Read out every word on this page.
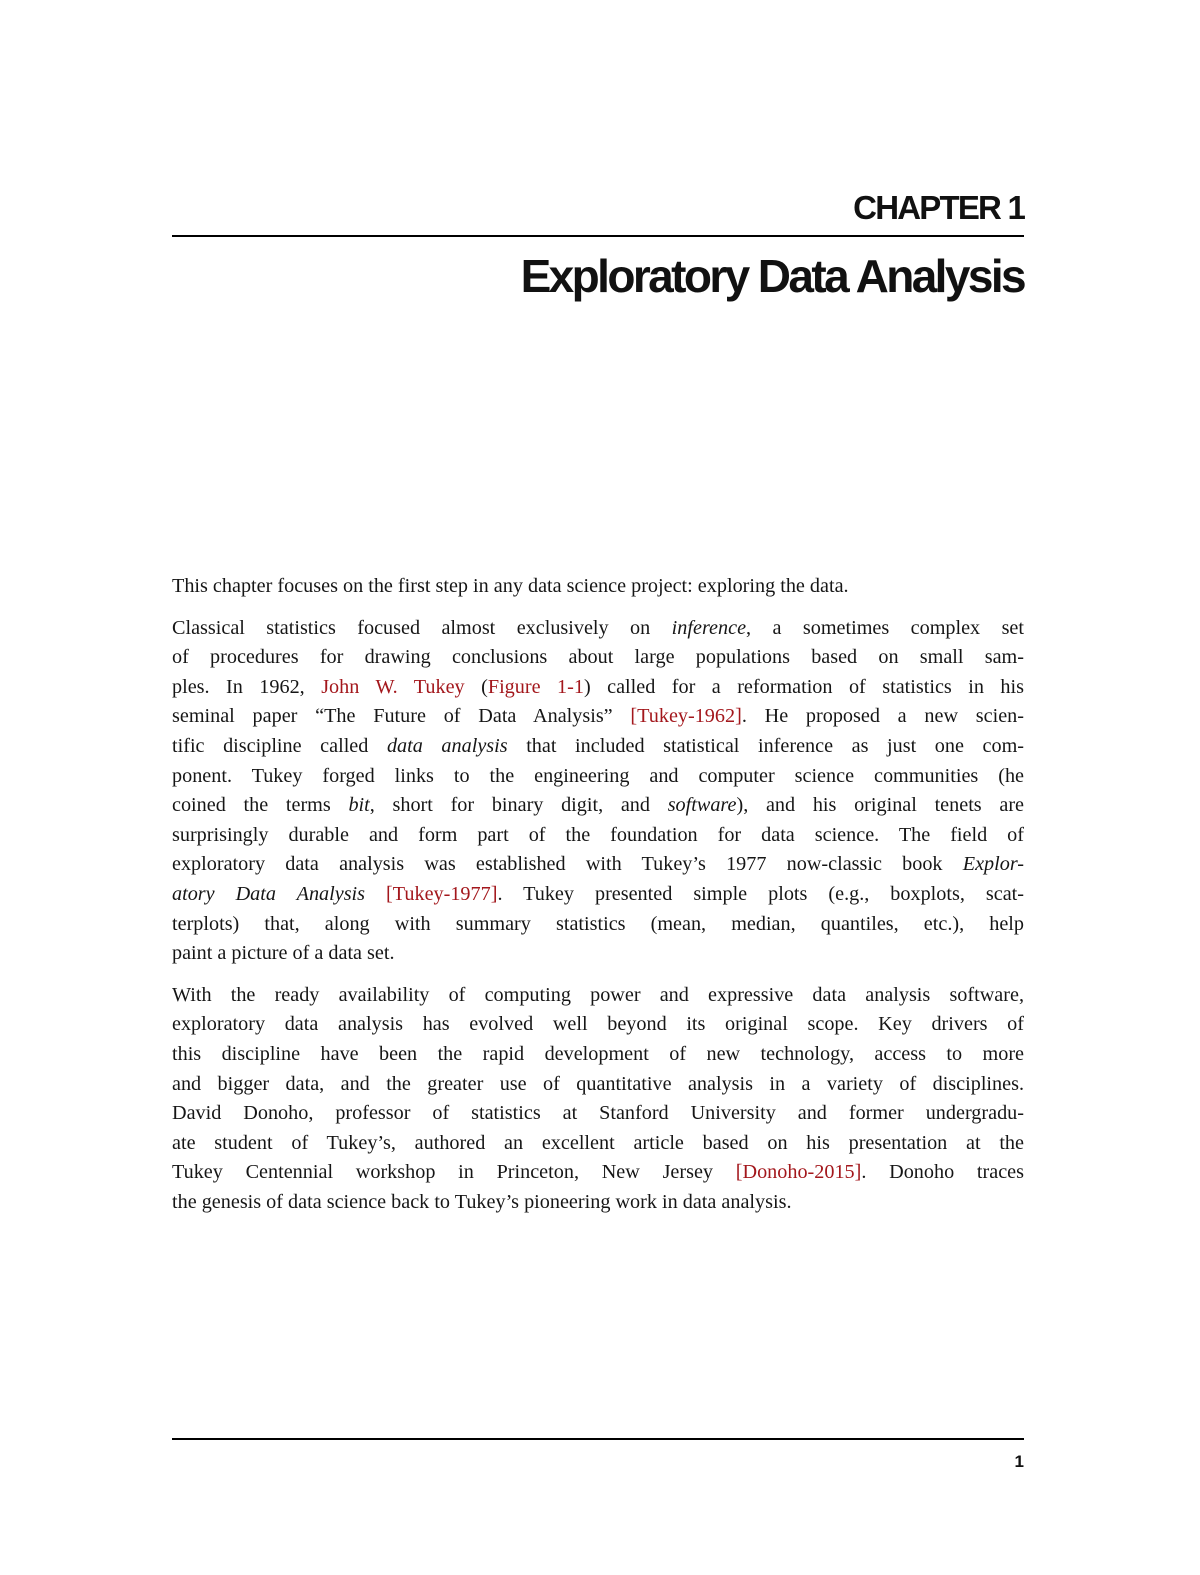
CHAPTER 1
Exploratory Data Analysis

This chapter focuses on the first step in any data science project: exploring the data.

Classical statistics focused almost exclusively on inference, a sometimes complex set
of procedures for drawing conclusions about large populations based on small sam-
ples. In 1962, John W. Tukey (Figure 1-1) called for a reformation of statistics in his
seminal paper “The Future of Data Analysis” [Tukey-1962]. He proposed a new scien-
tific discipline called data analysis that included statistical inference as just one com-
ponent. Tukey forged links to the engineering and computer science communities (he
coined the terms bit, short for binary digit, and software), and his original tenets are
surprisingly durable and form part of the foundation for data science. The field of
exploratory data analysis was established with Tukey’s 1977 now-classic book Explor-
atory Data Analysis [Tukey-1977]. Tukey presented simple plots (e.g., boxplots, scat-
terplots) that, along with summary statistics (mean, median, quantiles, etc.), help
paint a picture of a data set.

With the ready availability of computing power and expressive data analysis software,
exploratory data analysis has evolved well beyond its original scope. Key drivers of
this discipline have been the rapid development of new technology, access to more
and bigger data, and the greater use of quantitative analysis in a variety of disciplines.
David Donoho, professor of statistics at Stanford University and former undergradu-
ate student of Tukey’s, authored an excellent article based on his presentation at the
Tukey Centennial workshop in Princeton, New Jersey [Donoho-2015]. Donoho traces
the genesis of data science back to Tukey’s pioneering work in data analysis.

1
